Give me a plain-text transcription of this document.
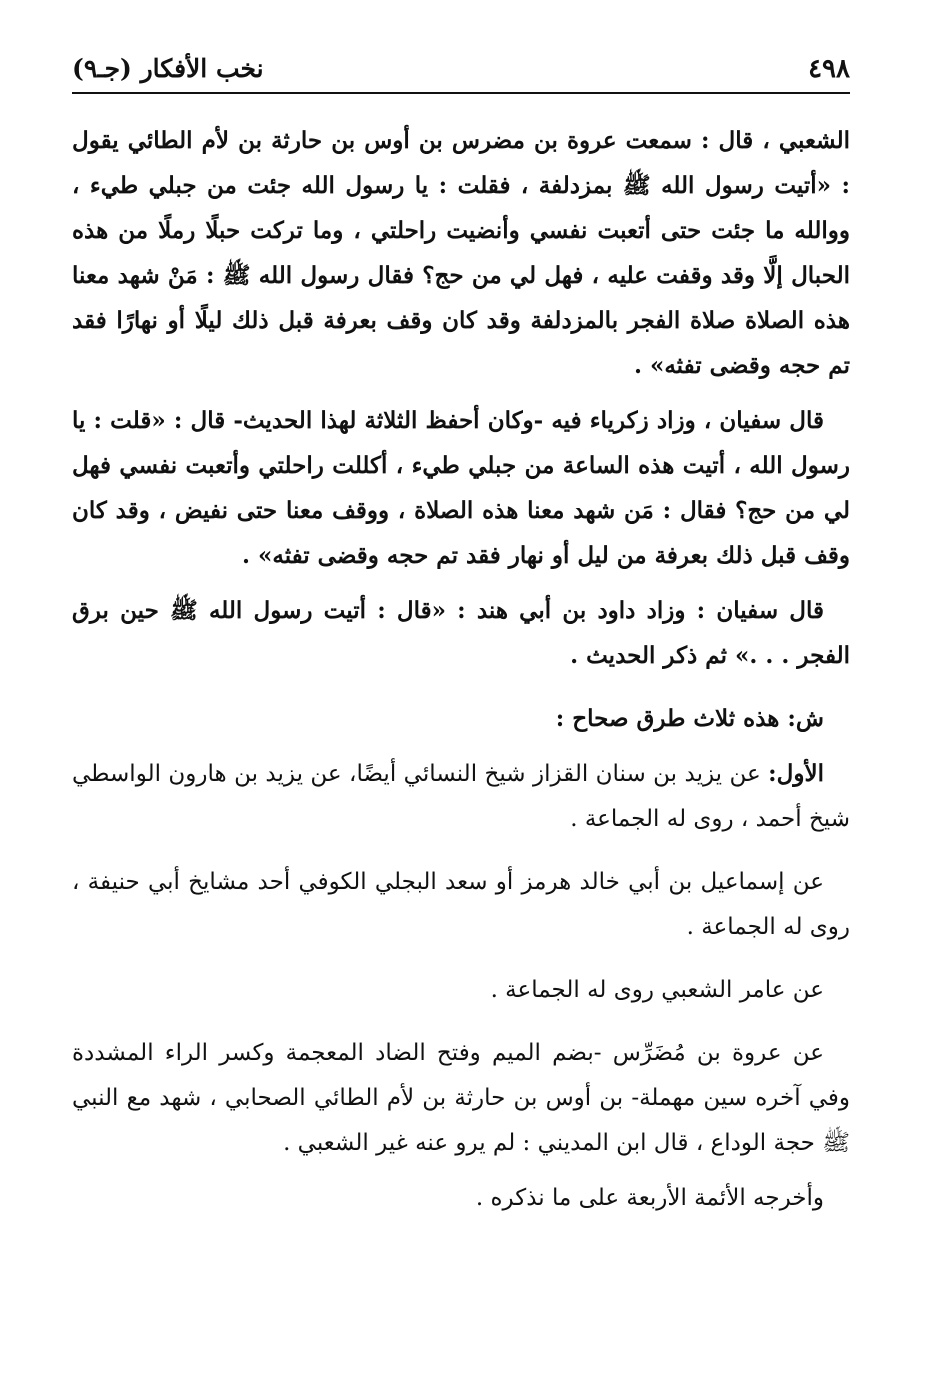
٤٩٨
نخب الأفكار (جـ٩)

الشعبي ، قال : سمعت عروة بن مضرس بن أوس بن حارثة بن لأم الطائي يقول : «أتيت رسول الله ﷺ بمزدلفة ، فقلت : يا رسول الله جئت من جبلي طيء ، ووالله ما جئت حتى أتعبت نفسي وأنضيت راحلتي ، وما تركت حبلًا رملًا من هذه الحبال إلَّا وقد وقفت عليه ، فهل لي من حج؟ فقال رسول الله ﷺ : مَنْ شهد معنا هذه الصلاة صلاة الفجر بالمزدلفة وقد كان وقف بعرفة قبل ذلك ليلًا أو نهارًا فقد تم حجه وقضى تفثه» .

قال سفيان ، وزاد زكرياء فيه -وكان أحفظ الثلاثة لهذا الحديث- قال : «قلت : يا رسول الله ، أتيت هذه الساعة من جبلي طيء ، أكللت راحلتي وأتعبت نفسي فهل لي من حج؟ فقال : مَن شهد معنا هذه الصلاة ، ووقف معنا حتى نفيض ، وقد كان وقف قبل ذلك بعرفة من ليل أو نهار فقد تم حجه وقضى تفثه» .

قال سفيان : وزاد داود بن أبي هند : «قال : أتيت رسول الله ﷺ حين برق الفجر . . .» ثم ذكر الحديث .

ش: هذه ثلاث طرق صحاح :

الأول: عن يزيد بن سنان القزاز شيخ النسائي أيضًا، عن يزيد بن هارون الواسطي شيخ أحمد ، روى له الجماعة .

عن إسماعيل بن أبي خالد هرمز أو سعد البجلي الكوفي أحد مشايخ أبي حنيفة ، روى له الجماعة .

عن عامر الشعبي روى له الجماعة .

عن عروة بن مُضَرِّس -بضم الميم وفتح الضاد المعجمة وكسر الراء المشددة وفي آخره سين مهملة- بن أوس بن حارثة بن لأم الطائي الصحابي ، شهد مع النبي ﷺ حجة الوداع ، قال ابن المديني : لم يرو عنه غير الشعبي .

وأخرجه الأئمة الأربعة على ما نذكره .
